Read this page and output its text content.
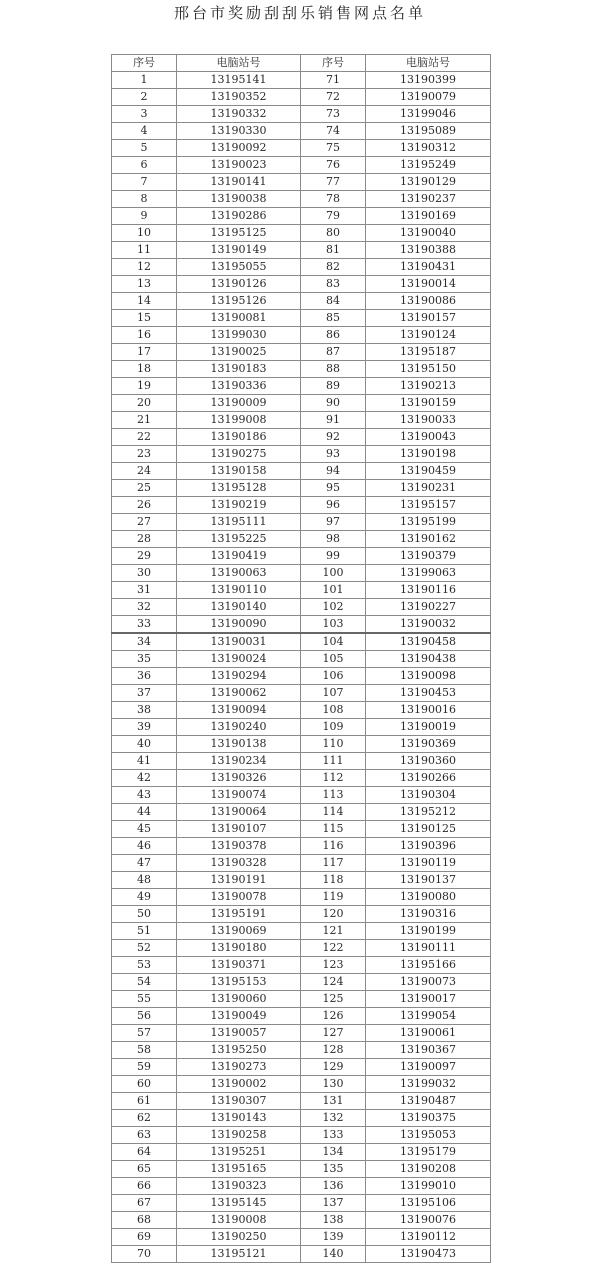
邢台市奖励刮刮乐销售网点名单
序号	电脑站号	序号	电脑站号
1	13195141	71	13190399
2	13190352	72	13190079
3	13190332	73	13199046
4	13190330	74	13195089
5	13190092	75	13190312
6	13190023	76	13195249
7	13190141	77	13190129
8	13190038	78	13190237
9	13190286	79	13190169
10	13195125	80	13190040
11	13190149	81	13190388
12	13195055	82	13190431
13	13190126	83	13190014
14	13195126	84	13190086
15	13190081	85	13190157
16	13199030	86	13190124
17	13190025	87	13195187
18	13190183	88	13195150
19	13190336	89	13190213
20	13190009	90	13190159
21	13199008	91	13190033
22	13190186	92	13190043
23	13190275	93	13190198
24	13190158	94	13190459
25	13195128	95	13190231
26	13190219	96	13195157
27	13195111	97	13195199
28	13195225	98	13190162
29	13190419	99	13190379
30	13190063	100	13199063
31	13190110	101	13190116
32	13190140	102	13190227
33	13190090	103	13190032
34	13190031	104	13190458
35	13190024	105	13190438
36	13190294	106	13190098
37	13190062	107	13190453
38	13190094	108	13190016
39	13190240	109	13190019
40	13190138	110	13190369
41	13190234	111	13190360
42	13190326	112	13190266
43	13190074	113	13190304
44	13190064	114	13195212
45	13190107	115	13190125
46	13190378	116	13190396
47	13190328	117	13190119
48	13190191	118	13190137
49	13190078	119	13190080
50	13195191	120	13190316
51	13190069	121	13190199
52	13190180	122	13190111
53	13190371	123	13195166
54	13195153	124	13190073
55	13190060	125	13190017
56	13190049	126	13199054
57	13190057	127	13190061
58	13195250	128	13190367
59	13190273	129	13190097
60	13190002	130	13199032
61	13190307	131	13190487
62	13190143	132	13190375
63	13190258	133	13195053
64	13195251	134	13195179
65	13195165	135	13190208
66	13190323	136	13199010
67	13195145	137	13195106
68	13190008	138	13190076
69	13190250	139	13190112
70	13195121	140	13190473
